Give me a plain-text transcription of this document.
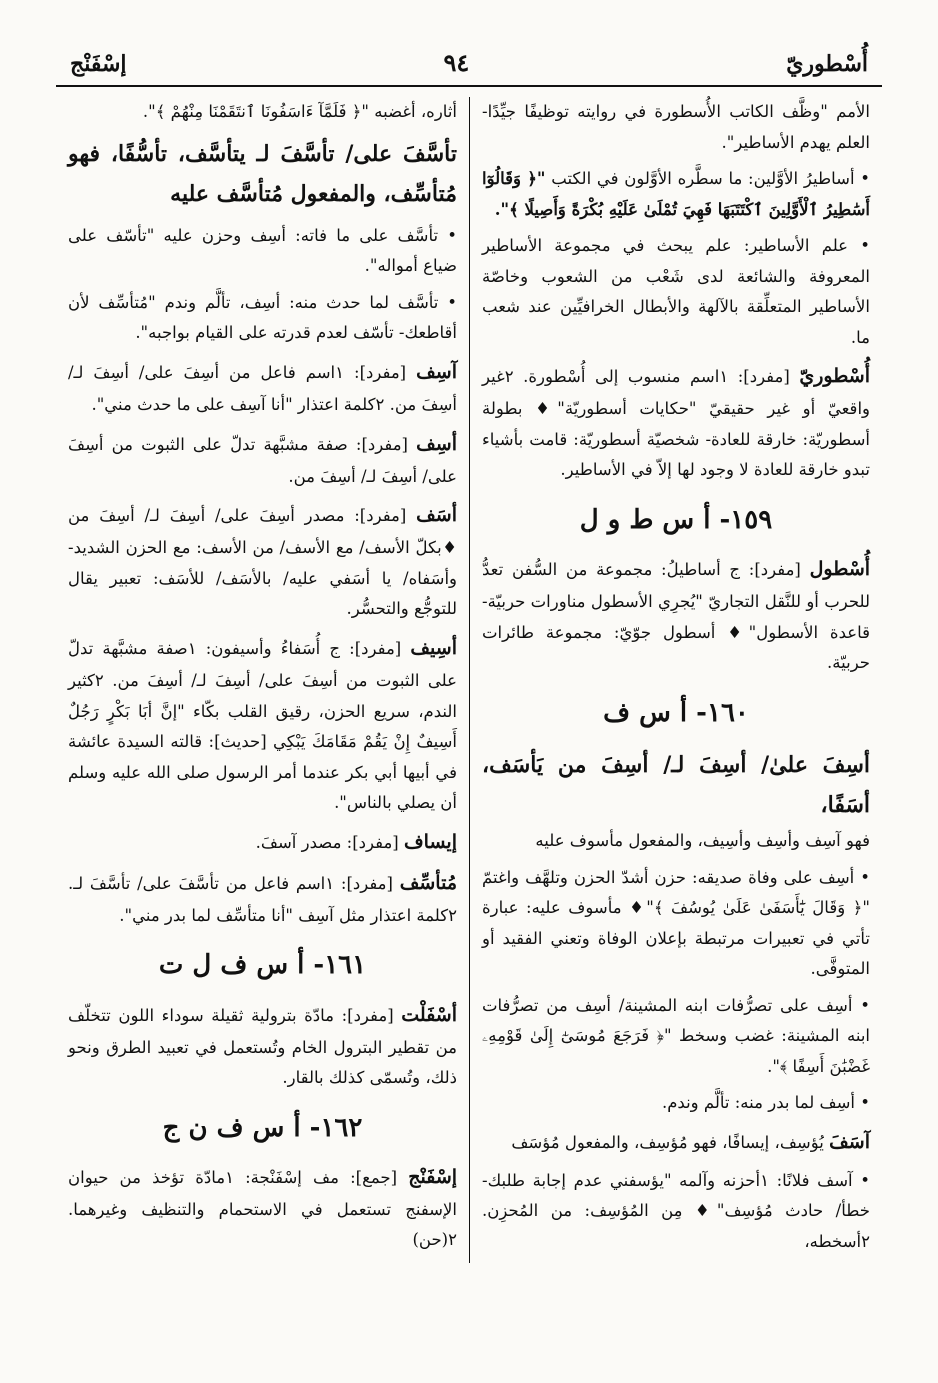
أُسْطوريّ
٩٤
إسْفَنْج

الأمم "وظَّف الكاتب الأُسطورة في روايته توظيفًا جيِّدًا- العلم يهدم الأساطير".

• أساطيرُ الأوَّلين: ما سطَّره الأوَّلون في الكتب "﴿ وَقَالُوٓا أَسَٰطِيرُ ٱلْأَوَّلِينَ ٱكْتَتَبَهَا فَهِيَ تُمْلَىٰ عَلَيْهِ بُكْرَةً وَأَصِيلًا ﴾".

• علم الأساطير: علم يبحث في مجموعة الأساطير المعروفة والشائعة لدى شَعْب من الشعوب وخاصّة الأساطير المتعلِّقة بالآلهة والأبطال الخرافيِّين عند شعب ما.

أُسْطوريّ [مفرد]: ١اسم منسوب إلى أُسْطورة. ٢غير واقعيّ أو غير حقيقيّ "حكايات أسطوريّة"♦ بطولة أسطوريّة: خارقة للعادة- شخصيّة أسطوريّة: قامت بأشياء تبدو خارقة للعادة لا وجود لها إلاّ في الأساطير.

١٥٩- أ س ط و ل

أُسْطول [مفرد]: ج أساطيلُ: مجموعة من السُّفن تعدُّ للحرب أو للنَّقل التجاريّ "يُجرِي الأسطول مناورات حربيّة- قاعدة الأسطول"♦ أسطول جوّيّ: مجموعة طائرات حربيّة.

١٦٠- أ س ف

أسِفَ علىٰ/ أسِفَ لـ/ أسِفَ من يَأسَف، أسَفًا،

فهو آسِف وأسِف وأسِيف، والمفعول مأسوف عليه

• أسِف على وفاة صديقه: حزن أشدّ الحزن وتلهَّف واغتمّ "﴿ وَقَالَ يَٰٓأَسَفَىٰ عَلَىٰ يُوسُفَ ﴾"♦ مأسوف عليه: عبارة تأتي في تعبيرات مرتبطة بإعلان الوفاة وتعني الفقيد أو المتوفَّى.

• أسِف على تصرُّفات ابنه المشينة/ أسِف من تصرُّفات ابنه المشينة: غضب وسخط "﴿ فَرَجَعَ مُوسَىٰٓ إِلَىٰ قَوْمِهِۦ غَضْبَٰنَ أَسِفًا ﴾".

• أسِف لما بدر منه: تألَّم وندم.

آسَفَ يُؤسِف، إيسافًا، فهو مُؤسِف، والمفعول مُؤسَف

• آسف فلانًا: ١أحزنه وآلمه "يؤسفني عدم إجابة طلبك- خطأ/ حادث مُؤسِف"♦ مِن المُؤسِف: من المُحزِن. ٢أسخطه،

أثاره، أغضبه "﴿ فَلَمَّآ ءَاسَفُونَا ٱنتَقَمْنَا مِنْهُمْ ﴾".

تأسَّفَ على/ تأسَّفَ لـ يتأسَّف، تأسُّفًا، فهو مُتأسِّف، والمفعول مُتأسَّف عليه

• تأسَّف على ما فاته: أسِف وحزن عليه "تأسّف على ضياع أمواله".

• تأسَّف لما حدث منه: أسِف، تألَّم وندم "مُتأسِّف لأن أقاطعك- تأسّف لعدم قدرته على القيام بواجبه".

آسِف [مفرد]: ١اسم فاعل من أسِفَ على/ أسِفَ لـ/ أسِفَ من. ٢كلمة اعتذار "أنا آسِف على ما حدث مني".

أسِف [مفرد]: صفة مشبَّهة تدلّ على الثبوت من أسِفَ على/ أسِفَ لـ/ أسِفَ من.

أسَف [مفرد]: مصدر أسِفَ على/ أسِفَ لـ/ أسِفَ من ♦بكلّ الأسف/ مع الأسف/ من الأسف: مع الحزن الشديد- وأسَفاه/ يا أسَفي عليه/ بالأسَف/ للأسَف: تعبير يقال للتوجُّع والتحسُّر.

أسِيف [مفرد]: ج أُسَفاءُ وأسيفون: ١صفة مشبَّهة تدلّ على الثبوت من أسِفَ على/ أسِفَ لـ/ أسِفَ من. ٢كثير الندم، سريع الحزن، رقيق القلب بكّاء "إنَّ أبَا بَكْرٍ رَجُلٌ أَسِيفٌ إِنْ يَقُمْ مَقَامَكَ يَبْكِي [حديث]: قالته السيدة عائشة في أبيها أبي بكر عندما أمر الرسول صلى الله عليه وسلم أن يصلي بالناس".

إيساف [مفرد]: مصدر آسفَ.

مُتأسِّف [مفرد]: ١اسم فاعل من تأسَّفَ على/ تأسَّفَ لـ. ٢كلمة اعتذار مثل آسِف "أنا متأسِّف لما بدر مني".

١٦١- أ س ف ل ت

أسْفَلْت [مفرد]: مادّة بترولية ثقيلة سوداء اللون تتخلّف من تقطير البترول الخام وتُستعمل في تعبيد الطرق ونحو ذلك، وتُسمّى كذلك بالقار.

١٦٢- أ س ف ن ج

إسْفَنْج [جمع]: مف إسْفَنْجة: ١مادّة تؤخذ من حيوان الإسفنج تستعمل في الاستحمام والتنظيف وغيرهما. ٢(حن)
